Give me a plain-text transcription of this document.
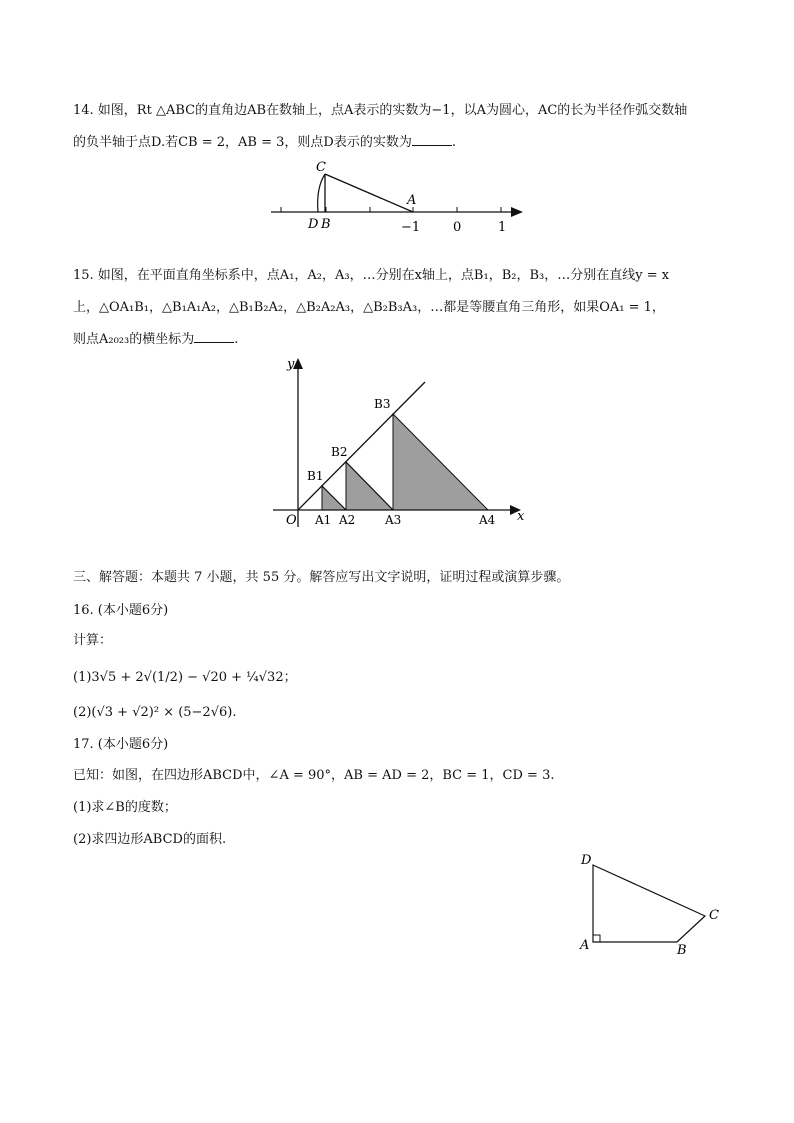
14. 如图，Rt △ABC的直角边AB在数轴上，点A表示的实数为−1，以A为圆心，AC的长为半径作弧交数轴
的负半轴于点D.若CB = 2，AB = 3，则点D表示的实数为	.
C
D B
A
−1	0	1
15. 如图，在平面直角坐标系中，点A₁，A₂，A₃，…分别在x轴上，点B₁，B₂，B₃，…分别在直线y = x
上，△OA₁B₁，△B₁A₁A₂，△B₁B₂A₂，△B₂A₂A₃，△B₂B₃A₃，…都是等腰直角三角形，如果OA₁ = 1，
则点A₂₀₂₃的横坐标为	.
y
x
O A1 A2 A3	A4
B1
B2
B3
三、解答题：本题共 7 小题，共 55 分。解答应写出文字说明，证明过程或演算步骤。
16. (本小题6分)
计算：
(1)3√5 + 2√(1/2) − √20 + ¼√32；
(2)(√3 + √2)² × (5−2√6).
17. (本小题6分)
已知：如图，在四边形ABCD中，∠A = 90°，AB = AD = 2，BC = 1，CD = 3.
(1)求∠B的度数；
(2)求四边形ABCD的面积.
D
C
A	B
